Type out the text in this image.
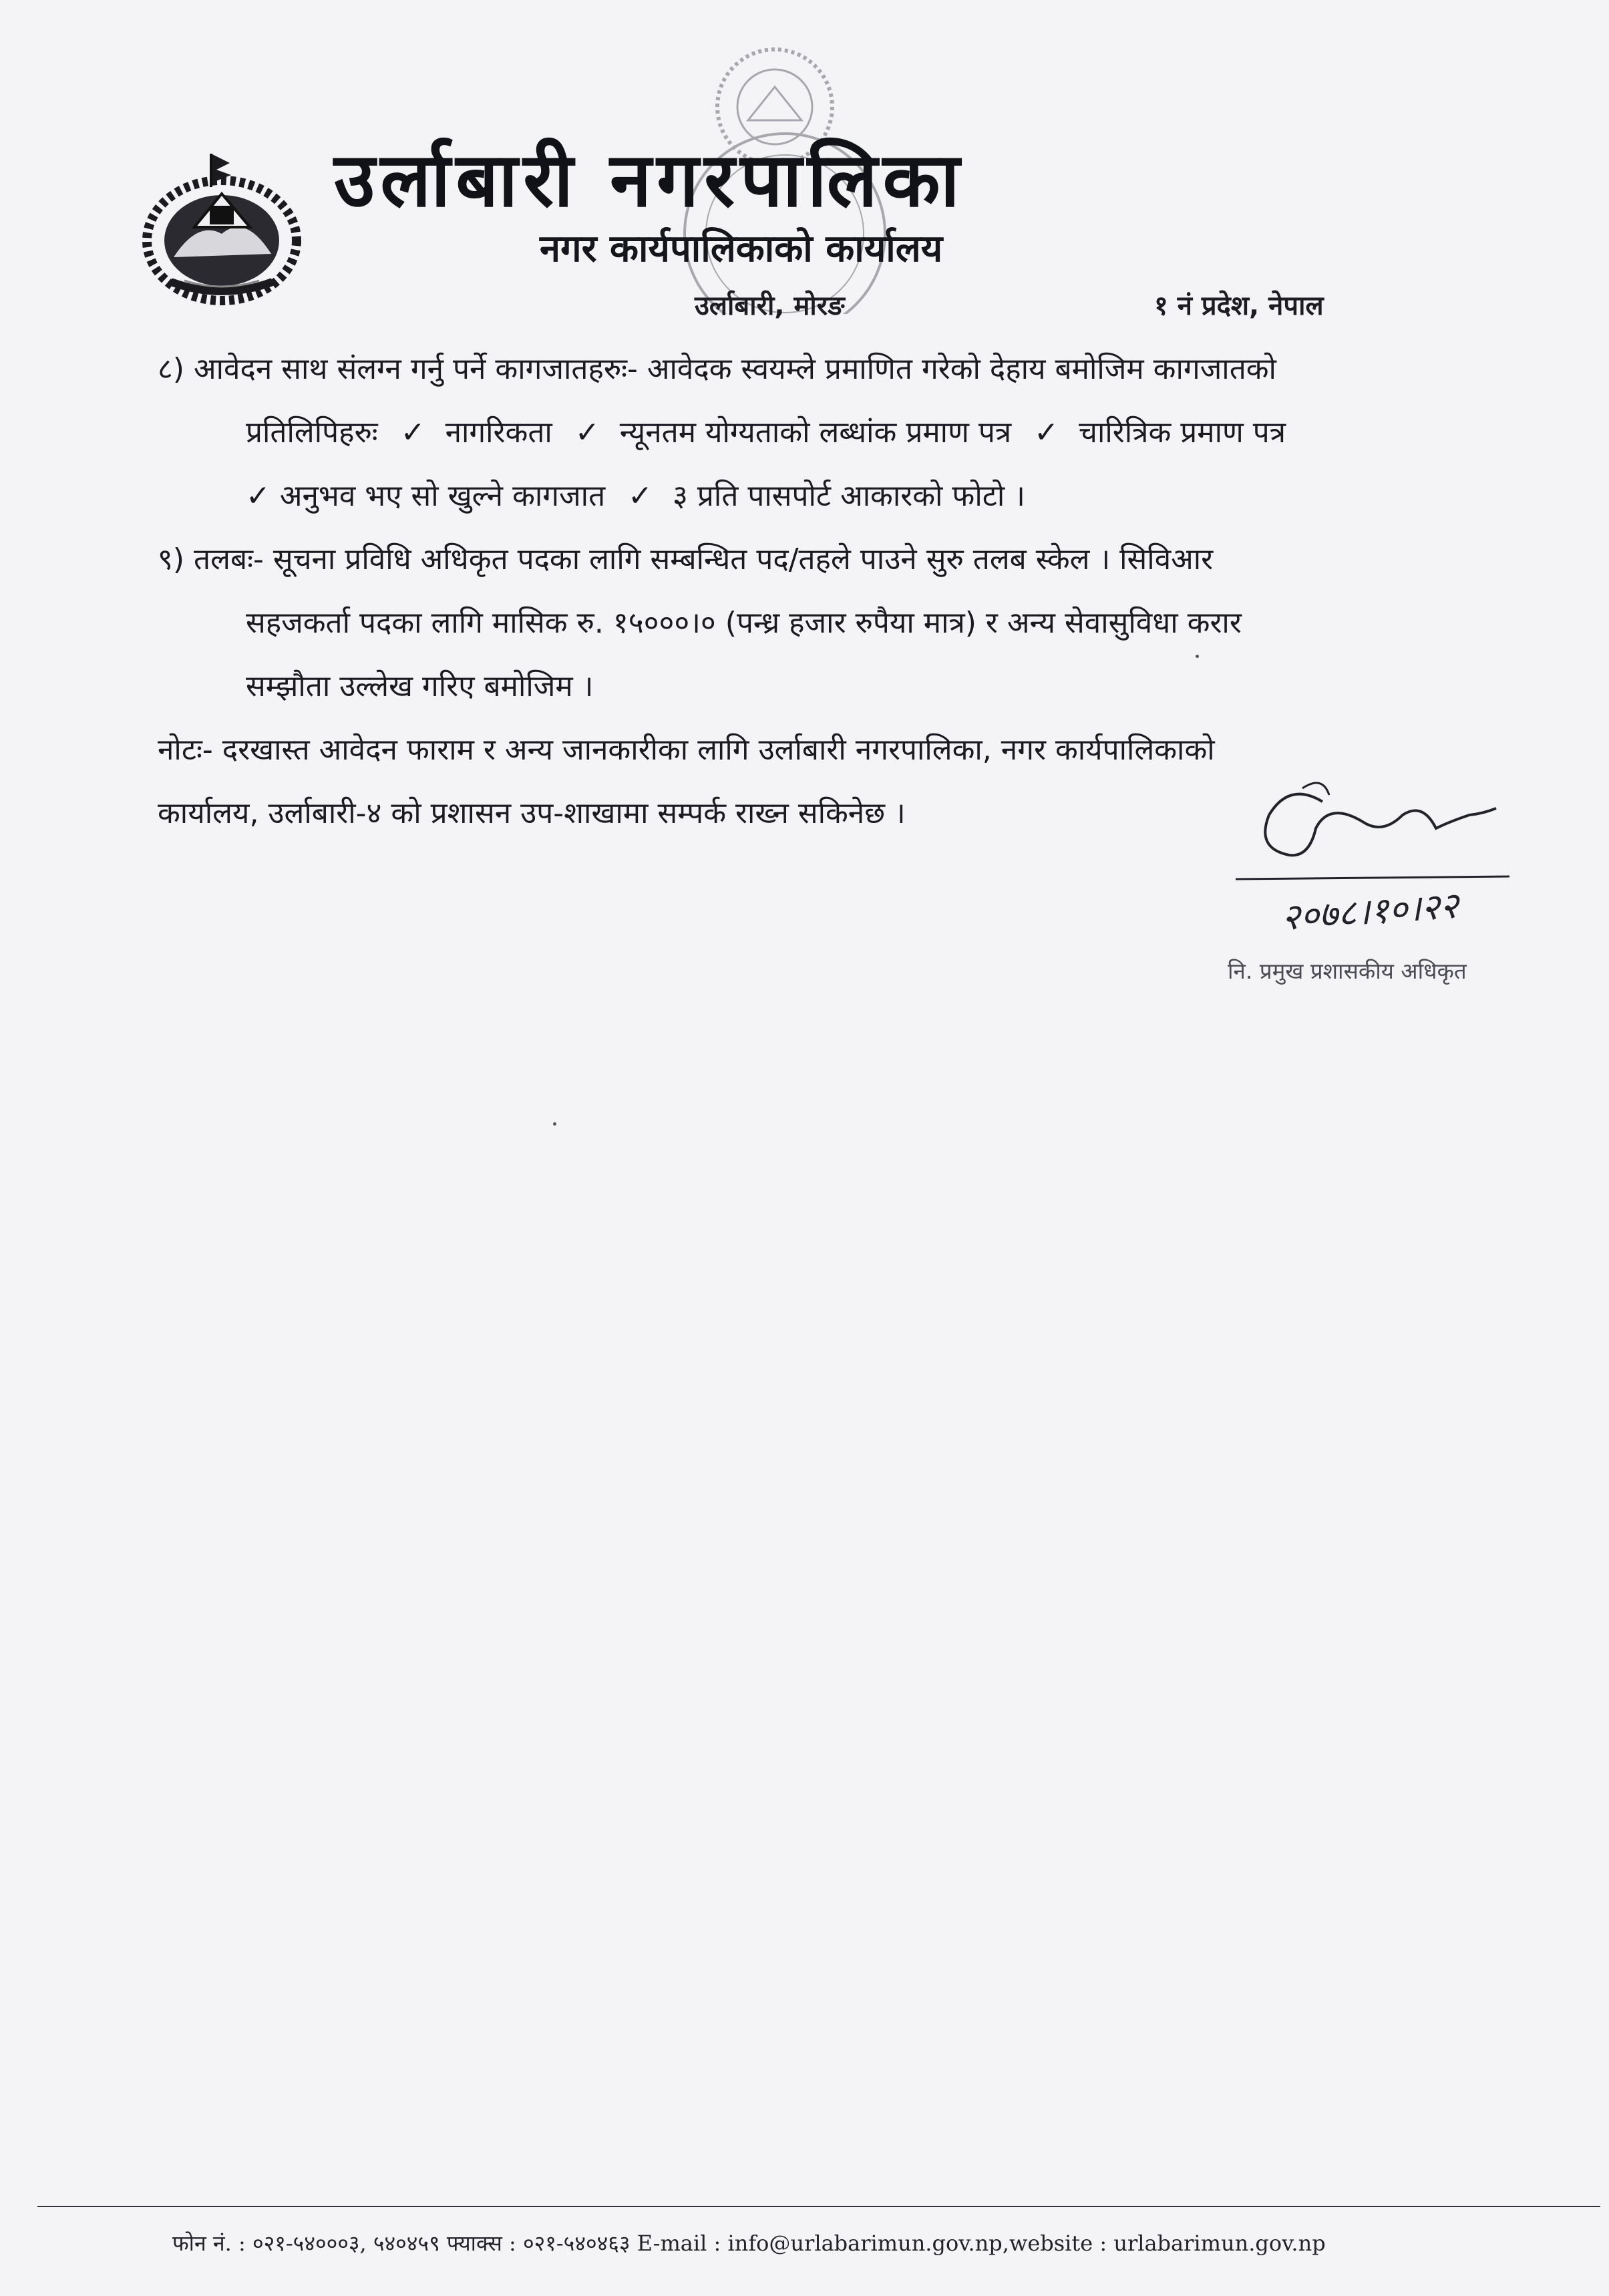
उर्लाबारी नगरपालिका
नगर कार्यपालिकाको कार्यालय
उर्लाबारी, मोरङ	१ नं प्रदेश, नेपाल

८) आवेदन साथ संलग्न गर्नु पर्ने कागजातहरुः- आवेदक स्वयम्ले प्रमाणित गरेको देहाय बमोजिम कागजातको

प्रतिलिपिहरुः ✓ नागरिकता ✓ न्यूनतम योग्यताको लब्धांक प्रमाण पत्र ✓ चारित्रिक प्रमाण पत्र

✓ अनुभव भए सो खुल्ने कागजात ✓ ३ प्रति पासपोर्ट आकारको फोटो ।

९) तलबः- सूचना प्रविधि अधिकृत पदका लागि सम्बन्धित पद/तहले पाउने सुरु तलब स्केल । सिविआर

सहजकर्ता पदका लागि मासिक रु. १५०००।० (पन्ध्र हजार रुपैया मात्र) र अन्य सेवासुविधा करार

सम्झौता उल्लेख गरिए बमोजिम ।

नोटः- दरखास्त आवेदन फाराम र अन्य जानकारीका लागि उर्लाबारी नगरपालिका, नगर कार्यपालिकाको

कार्यालय, उर्लाबारी-४ को प्रशासन उप-शाखामा सम्पर्क राख्न सकिनेछ ।

२०७८।१०।२२
नि. प्रमुख प्रशासकीय अधिकृत
फोन नं. : ०२१-५४०००३, ५४०४५९ फ्याक्स : ०२१-५४०४६३ E-mail : info@urlabarimun.gov.np,website : urlabarimun.gov.np
